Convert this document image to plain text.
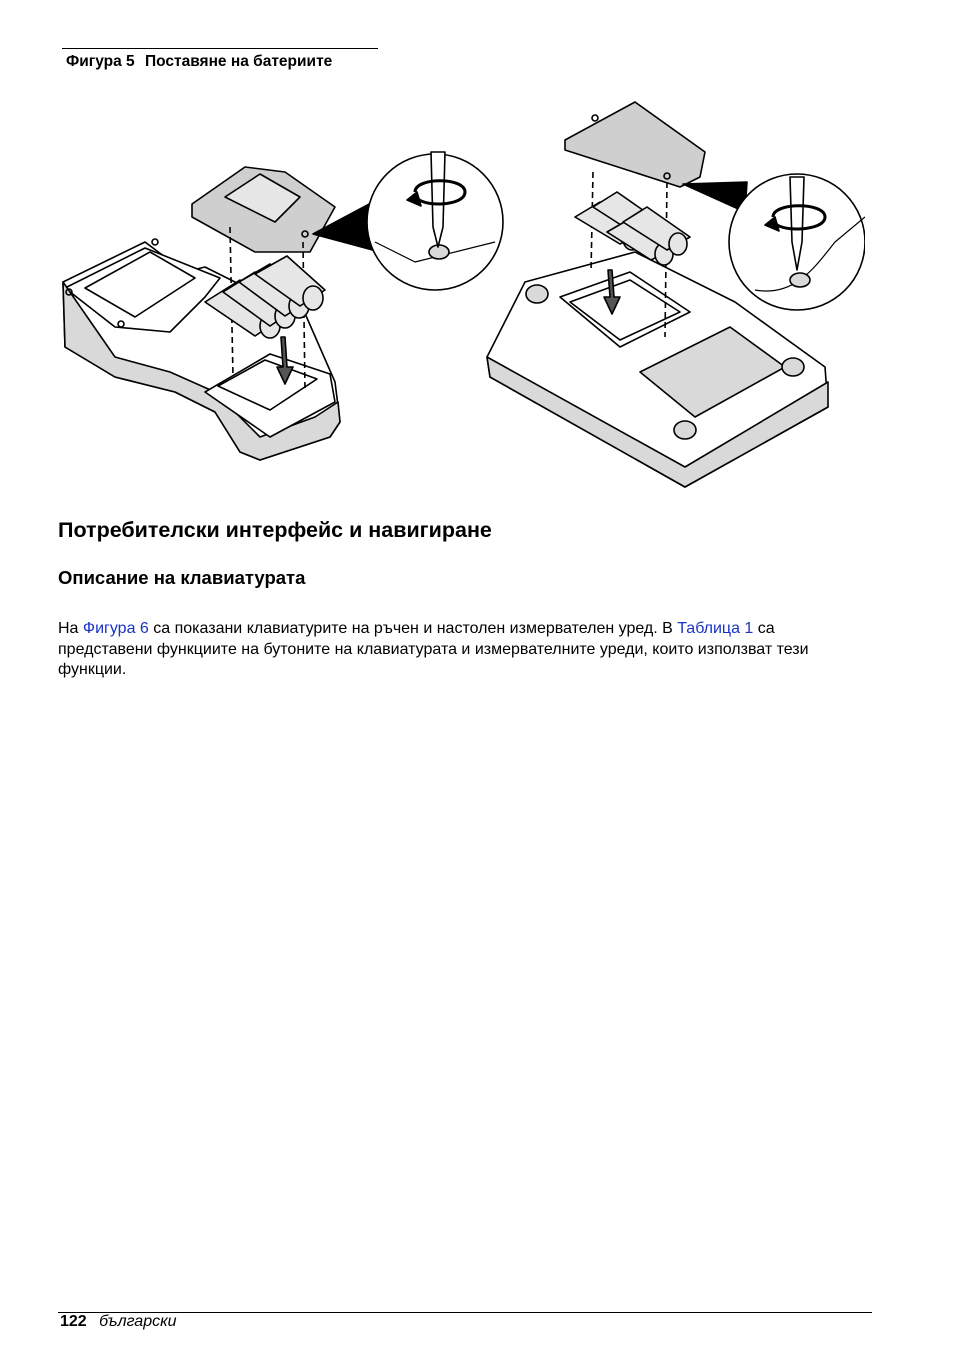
Фигура 5 Поставяне на батериите
Потребителски интерфейс и навигиране
Описание на клавиатурата

На Фигура 6 са показани клавиатурите на ръчен и настолен измервателен уред. В Таблица 1 са представени функциите на бутоните на клавиатурата и измервателните уреди, които използват тези функции.

122 български
